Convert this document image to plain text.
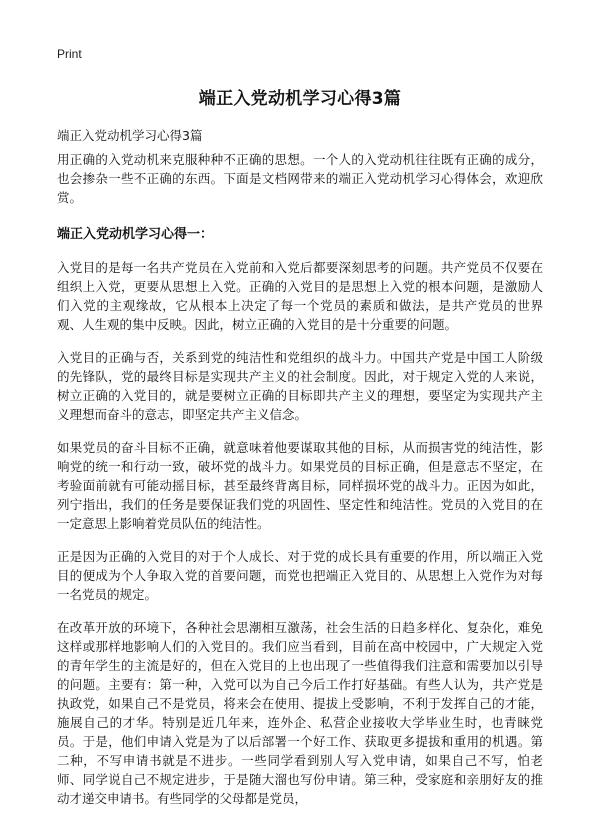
Print
端正入党动机学习心得3篇
端正入党动机学习心得3篇

用正确的入党动机来克服种种不正确的思想。一个人的入党动机往往既有正确的成分，也会掺杂一些不正确的东西。下面是文档网带来的端正入党动机学习心得体会，欢迎欣赏。

端正入党动机学习心得一：

入党目的是每一名共产党员在入党前和入党后都要深刻思考的问题。共产党员不仅要在组织上入党，更要从思想上入党。正确的入党目的是思想上入党的根本问题，是激励人们入党的主观缘故，它从根本上决定了每一个党员的素质和做法，是共产党员的世界观、人生观的集中反映。因此，树立正确的入党目的是十分重要的问题。

入党目的正确与否，关系到党的纯洁性和党组织的战斗力。中国共产党是中国工人阶级的先锋队，党的最终目标是实现共产主义的社会制度。因此，对于规定入党的人来说，树立正确的入党目的，就是要树立正确的目标即共产主义的理想，要坚定为实现共产主义理想而奋斗的意志，即坚定共产主义信念。

如果党员的奋斗目标不正确，就意味着他要谋取其他的目标，从而损害党的纯洁性，影响党的统一和行动一致，破坏党的战斗力。如果党员的目标正确，但是意志不坚定，在考验面前就有可能动摇目标，甚至最终背离目标，同样损坏党的战斗力。正因为如此，列宁指出，我们的任务是要保证我们党的巩固性、坚定性和纯洁性。党员的入党目的在一定意思上影响着党员队伍的纯洁性。

正是因为正确的入党目的对于个人成长、对于党的成长具有重要的作用，所以端正入党目的便成为个人争取入党的首要问题，而党也把端正入党目的、从思想上入党作为对每一名党员的规定。

在改革开放的环境下，各种社会思潮相互激荡，社会生活的日趋多样化、复杂化，难免这样或那样地影响人们的入党目的。我们应当看到，目前在高中校园中，广大规定入党的青年学生的主流是好的，但在入党目的上也出现了一些值得我们注意和需要加以引导的问题。主要有：第一种，入党可以为自己今后工作打好基础。有些人认为，共产党是执政党，如果自己不是党员，将来会在使用、提拔上受影响，不利于发挥自己的才能，施展自己的才华。特别是近几年来，连外企、私营企业接收大学毕业生时，也青睐党员。于是，他们申请入党是为了以后部署一个好工作、获取更多提拔和重用的机遇。第二种，不写申请书就是不进步。一些同学看到别人写入党申请，如果自己不写，怕老师、同学说自己不规定进步，于是随大溜也写份申请。第三种，受家庭和亲朋好友的推动才递交申请书。有些同学的父母都是党员，
